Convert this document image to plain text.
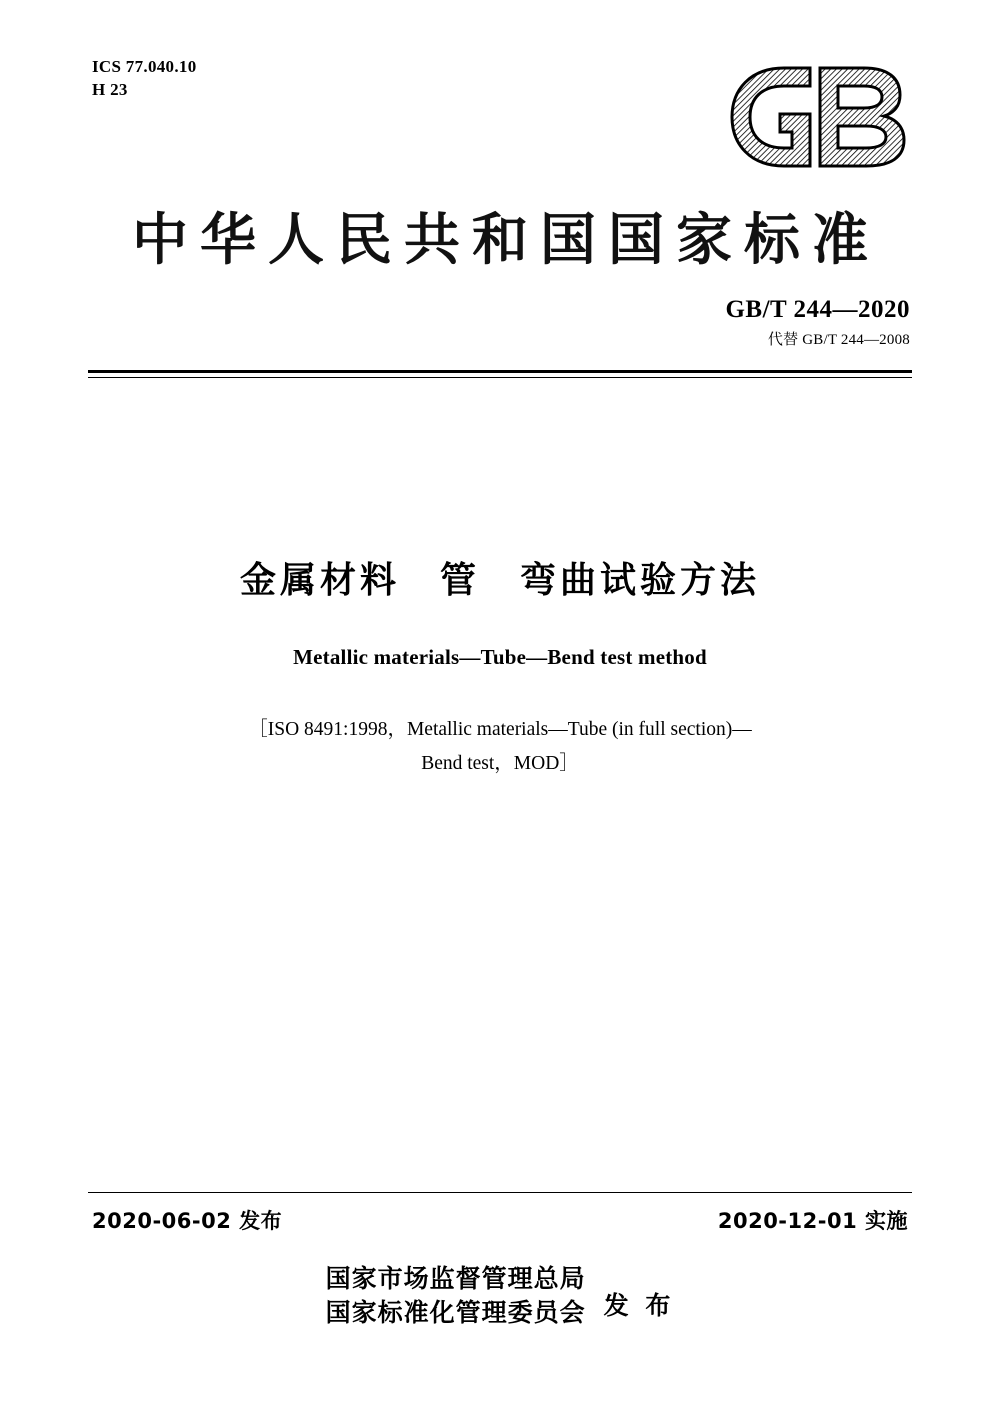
ICS 77.040.10
H 23
中华人民共和国国家标准
GB/T 244—2020
代替 GB/T 244—2008
金属材料　管　弯曲试验方法
Metallic materials—Tube—Bend test method
［ISO 8491:1998，Metallic materials—Tube (in full section)—
Bend test，MOD］
2020-06-02 发布	2020-12-01 实施
国家市场监督管理总局
国家标准化管理委员会 发 布
